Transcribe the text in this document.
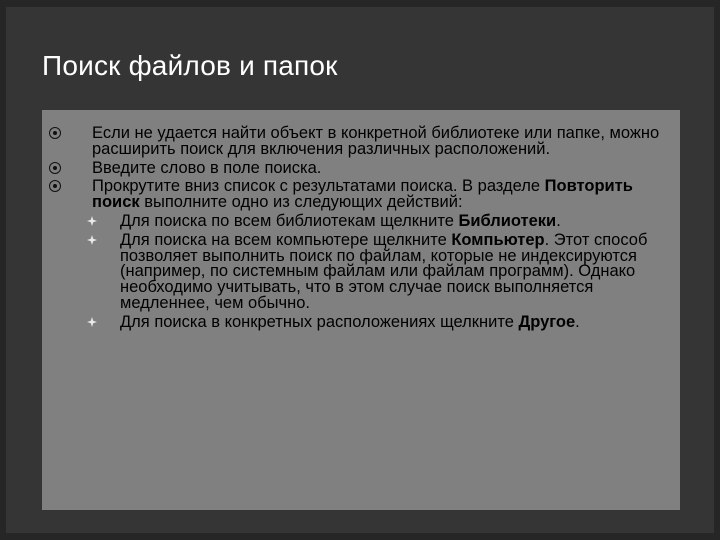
Поиск файлов и папок
Если не удается найти объект в конкретной библиотеке или папке, можно расширить поиск для включения различных расположений.
Введите слово в поле поиска.
Прокрутите вниз список с результатами поиска. В разделе Повторить поиск выполните одно из следующих действий:
Для поиска по всем библиотекам щелкните Библиотеки.
Для поиска на всем компьютере щелкните Компьютер. Этот способ позволяет выполнить поиск по файлам, которые не индексируются (например, по системным файлам или файлам программ). Однако необходимо учитывать, что в этом случае поиск выполняется медленнее, чем обычно.
Для поиска в конкретных расположениях щелкните Другое.
